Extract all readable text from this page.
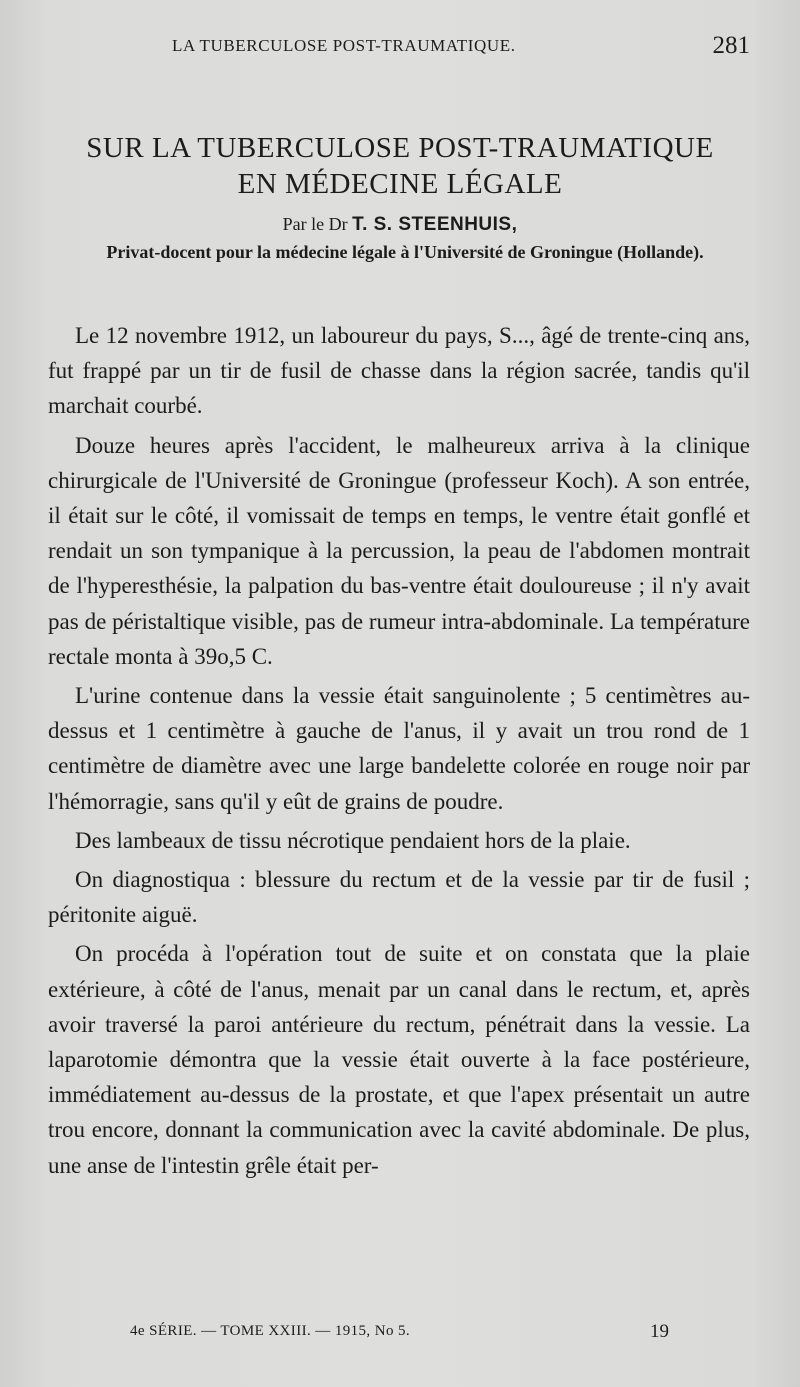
LA TUBERCULOSE POST-TRAUMATIQUE.	281
SUR LA TUBERCULOSE POST-TRAUMATIQUE
EN MÉDECINE LÉGALE
Par le Dr T. S. STEENHUIS,
Privat-docent pour la médecine légale à l'Université de Groningue (Hollande).

Le 12 novembre 1912, un laboureur du pays, S..., âgé de trente-cinq ans, fut frappé par un tir de fusil de chasse dans la région sacrée, tandis qu'il marchait courbé.

Douze heures après l'accident, le malheureux arriva à la clinique chirurgicale de l'Université de Groningue (professeur Koch). A son entrée, il était sur le côté, il vomissait de temps en temps, le ventre était gonflé et rendait un son tympanique à la percussion, la peau de l'abdomen montrait de l'hyperesthésie, la palpation du bas-ventre était douloureuse ; il n'y avait pas de péristaltique visible, pas de rumeur intra-abdominale. La température rectale monta à 39o,5 C.

L'urine contenue dans la vessie était sanguinolente ; 5 centimètres au-dessus et 1 centimètre à gauche de l'anus, il y avait un trou rond de 1 centimètre de diamètre avec une large bandelette colorée en rouge noir par l'hémorragie, sans qu'il y eût de grains de poudre.

Des lambeaux de tissu nécrotique pendaient hors de la plaie.

On diagnostiqua : blessure du rectum et de la vessie par tir de fusil ; péritonite aiguë.

On procéda à l'opération tout de suite et on constata que la plaie extérieure, à côté de l'anus, menait par un canal dans le rectum, et, après avoir traversé la paroi antérieure du rectum, pénétrait dans la vessie. La laparotomie démontra que la vessie était ouverte à la face postérieure, immédiatement au-dessus de la prostate, et que l'apex présentait un autre trou encore, donnant la communication avec la cavité abdominale. De plus, une anse de l'intestin grêle était per-

4e SÉRIE. — TOME XXIII. — 1915, No 5.	19
